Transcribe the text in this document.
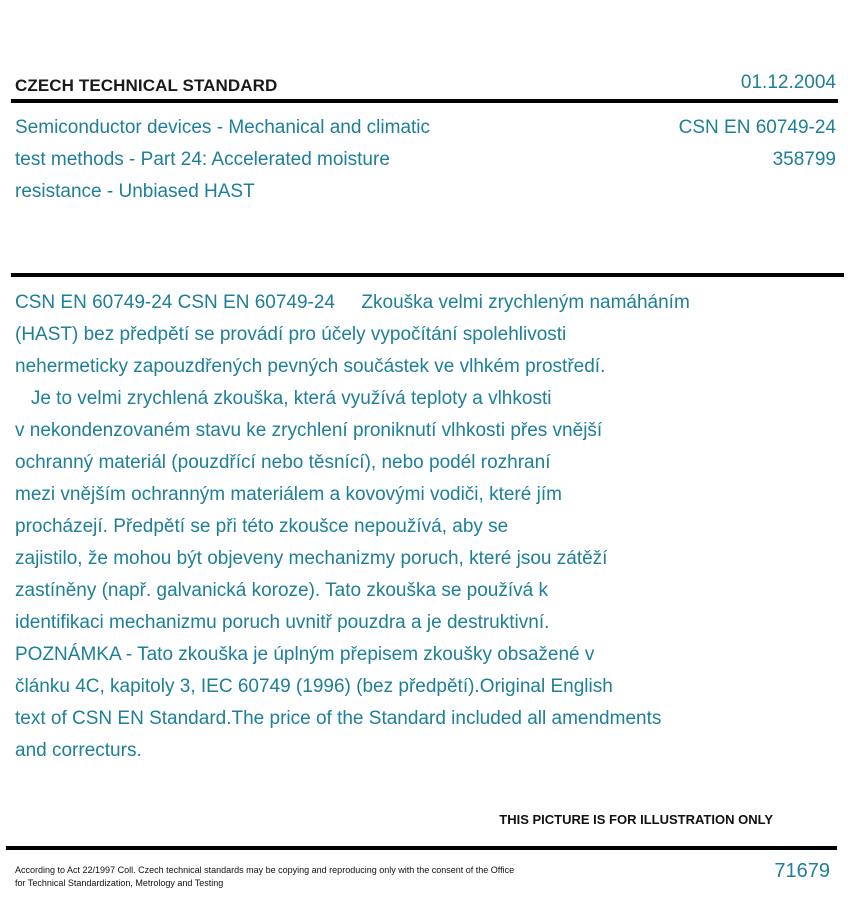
CZECH TECHNICAL STANDARD	01.12.2004
Semiconductor devices - Mechanical and climatic
test methods - Part 24: Accelerated moisture
resistance - Unbiased HAST
CSN EN 60749-24
358799
CSN EN 60749-24 CSN EN 60749-24     Zkouška velmi zrychleným namáháním
(HAST) bez předpětí se provádí pro účely vypočítání spolehlivosti
nehermeticky zapouzdřených pevných součástek ve vlhkém prostředí.
Je to velmi zrychlená zkouška, která využívá teploty a vlhkosti
v nekondenzovaném stavu ke zrychlení proniknutí vlhkosti přes vnější
ochranný materiál (pouzdřící nebo těsnící), nebo podél rozhraní
mezi vnějším ochranným materiálem a kovovými vodiči, které jím
procházejí. Předpětí se při této zkoušce nepoužívá, aby se
zajistilo, že mohou být objeveny mechanizmy poruch, které jsou zátěží
zastíněny (např. galvanická koroze). Tato zkouška se používá k
identifikaci mechanizmu poruch uvnitř pouzdra a je destruktivní.
POZNÁMKA - Tato zkouška je úplným přepisem zkoušky obsažené v
článku 4C, kapitoly 3, IEC 60749 (1996) (bez předpětí).Original English
text of CSN EN Standard.The price of the Standard included all amendments
and correcturs.
THIS PICTURE IS FOR ILLUSTRATION ONLY
According to Act 22/1997 Coll. Czech technical standards may be copying and reproducing only with the consent of the Office
for Technical Standardization, Metrology and Testing
71679
